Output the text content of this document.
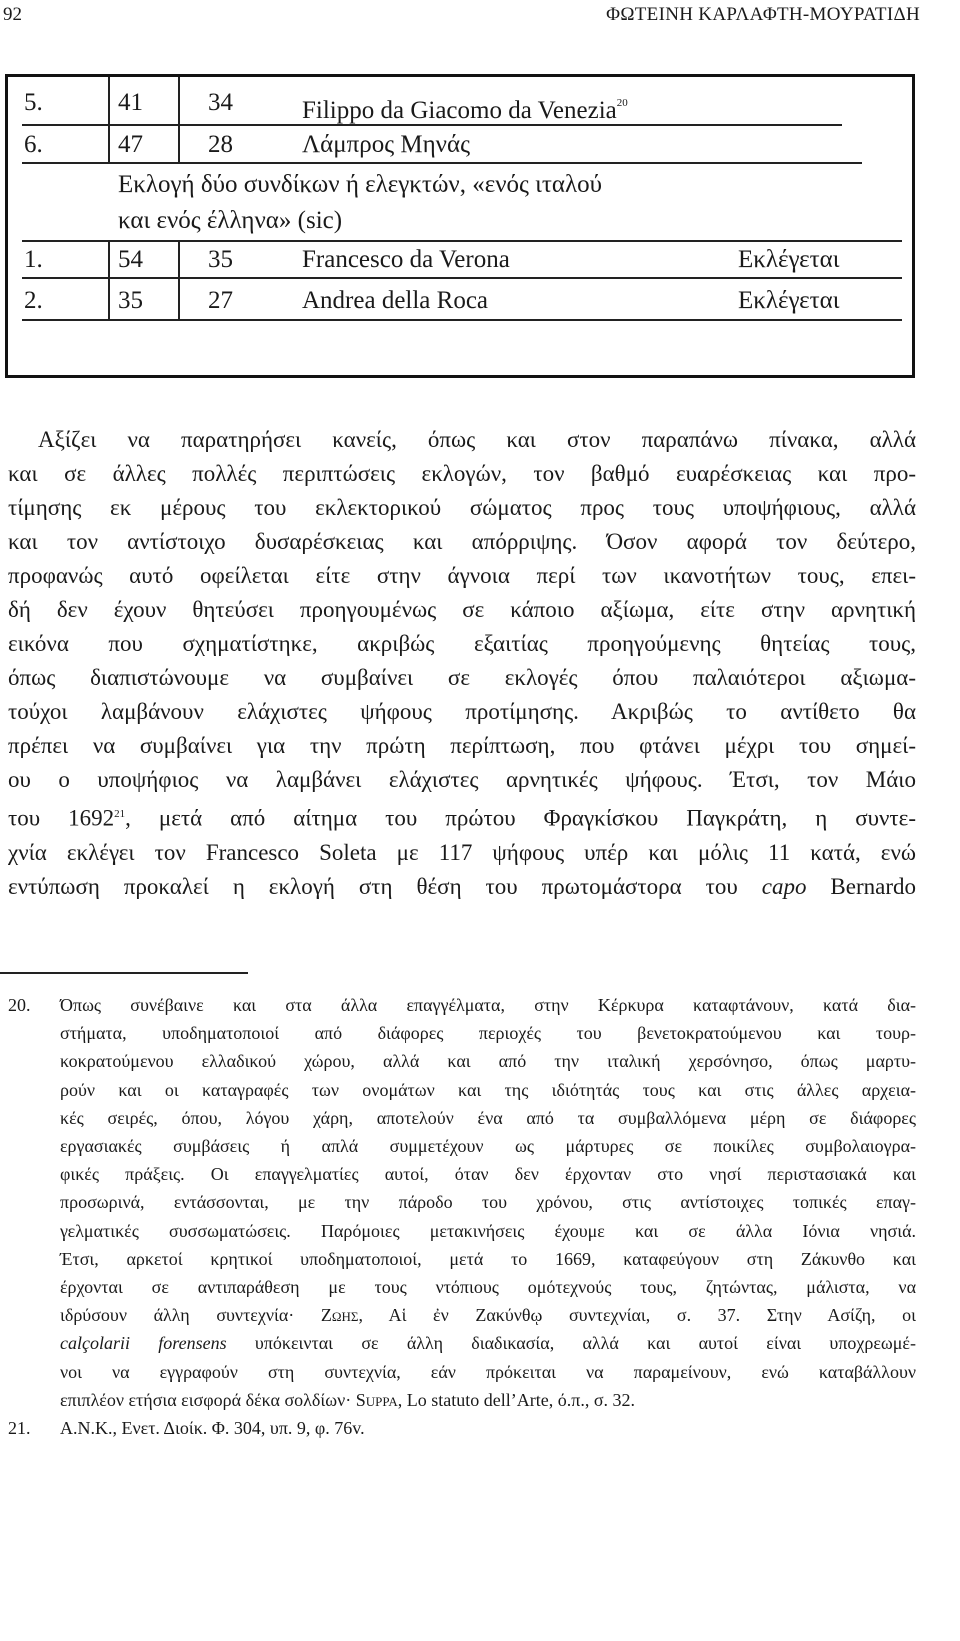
92	ΦΩΤΕΙΝΗ ΚΑΡΛΑΦΤΗ-ΜΟΥΡΑΤΙΔΗ
5.	41	34	Filippo da Giacomo da Venezia$^{20}$
6.	47	28	Λάμπρος Μηνάς
Εκλογή δύο συνδίκων ή ελεγκτών, «ενός ιταλού
και ενός έλληνα» (sic)
1.	54	35	Francesco da Verona	Εκλέγεται
2.	35	27	Andrea della Roca	Εκλέγεται

Αξίζει να παρατηρήσει κανείς, όπως και στον παραπάνω πίνακα, αλλά

και σε άλλες πολλές περιπτώσεις εκλογών, τον βαθμό ευαρέσκειας και προ-

τίμησης εκ μέρους του εκλεκτορικού σώματος προς τους υποψήφιους, αλλά

και τον αντίστοιχο δυσαρέσκειας και απόρριψης. Όσον αφορά τον δεύτερο,

προφανώς αυτό οφείλεται είτε στην άγνοια περί των ικανοτήτων τους, επει-

δή δεν έχουν θητεύσει προηγουμένως σε κάποιο αξίωμα, είτε στην αρνητική

εικόνα που σχηματίστηκε, ακριβώς εξαιτίας προηγούμενης θητείας τους,

όπως διαπιστώνουμε να συμβαίνει σε εκλογές όπου παλαιότεροι αξιωμα-

τούχοι λαμβάνουν ελάχιστες ψήφους προτίμησης. Ακριβώς το αντίθετο θα

πρέπει να συμβαίνει για την πρώτη περίπτωση, που φτάνει μέχρι του σημεί-

ου ο υποψήφιος να λαμβάνει ελάχιστες αρνητικές ψήφους. Έτσι, τον Μάιο

του 1692$^{21}$, μετά από αίτημα του πρώτου Φραγκίσκου Παγκράτη, η συντε-

χνία εκλέγει τον Francesco Soleta με 117 ψήφους υπέρ και μόλις 11 κατά, ενώ

εντύπωση προκαλεί η εκλογή στη θέση του πρωτομάστορα του capo Bernardo

20. Όπως συνέβαινε και στα άλλα επαγγέλματα, στην Κέρκυρα καταφτάνουν, κατά δια-
στήματα, υποδηματοποιοί από διάφορες περιοχές του βενετοκρατούμενου και τουρ-
κοκρατούμενου ελλαδικού χώρου, αλλά και από την ιταλική χερσόνησο, όπως μαρτυ-
ρούν και οι καταγραφές των ονομάτων και της ιδιότητάς τους και στις άλλες αρχεια-
κές σειρές, όπου, λόγου χάρη, αποτελούν ένα από τα συμβαλλόμενα μέρη σε διάφορες
εργασιακές συμβάσεις ή απλά συμμετέχουν ως μάρτυρες σε ποικίλες συμβολαιογρα-
φικές πράξεις. Οι επαγγελματίες αυτοί, όταν δεν έρχονταν στο νησί περιστασιακά και
προσωρινά, εντάσσονται, με την πάροδο του χρόνου, στις αντίστοιχες τοπικές επαγ-
γελματικές συσσωματώσεις. Παρόμοιες μετακινήσεις έχουμε και σε άλλα Ιόνια νησιά.
Έτσι, αρκετοί κρητικοί υποδηματοποιοί, μετά το 1669, καταφεύγουν στη Ζάκυνθο και
έρχονται σε αντιπαράθεση με τους ντόπιους ομότεχνούς τους, ζητώντας, μάλιστα, να
ιδρύσουν άλλη συντεχνία· Ζωης, Αἱ ἐν Ζακύνθῳ συντεχνίαι, σ. 37. Στην Ασίζη, οι
calçolarii forensens υπόκεινται σε άλλη διαδικασία, αλλά και αυτοί είναι υποχρεωμέ-
νοι να εγγραφούν στη συντεχνία, εάν πρόκειται να παραμείνουν, ενώ καταβάλλουν
επιπλέον ετήσια εισφορά δέκα σολδίων· Suppa, Lo statuto dell’Arte, ό.π., σ. 32.
21. Α.Ν.Κ., Ενετ. Διοίκ. Φ. 304, υπ. 9, φ. 76v.
